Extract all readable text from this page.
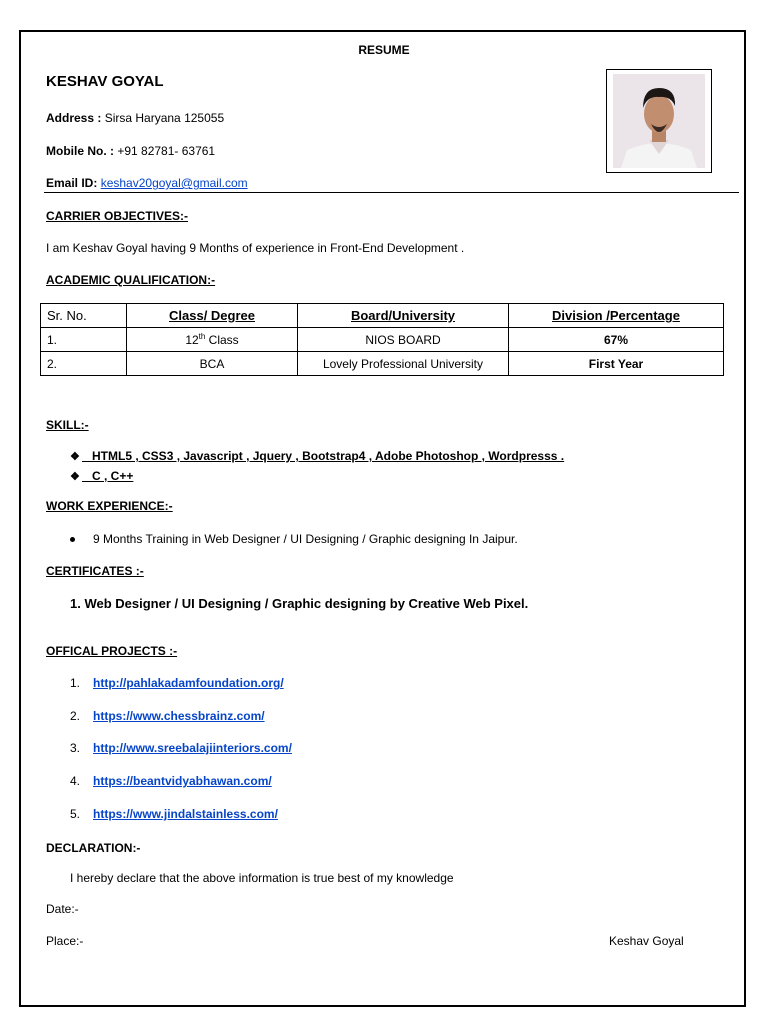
RESUME
KESHAV GOYAL
Address : Sirsa Haryana 125055
Mobile No. : +91 82781- 63761
Email ID: keshav20goyal@gmail.com
CARRIER OBJECTIVES:-
I am Keshav Goyal having 9 Months of experience in Front-End Development .
ACADEMIC QUALIFICATION:-
Sr. No.	Class/ Degree	Board/University	Division /Percentage
1.	12th Class	NIOS BOARD	67%
2.	BCA	Lovely Professional University	First Year
SKILL:-
❖ HTML5 , CSS3 , Javascript , Jquery , Bootstrap4 , Adobe Photoshop , Wordpresss .
❖ C , C++
WORK EXPERIENCE:-
9 Months Training in Web Designer / UI Designing / Graphic designing In Jaipur.
CERTIFICATES :-
1. Web Designer / UI Designing / Graphic designing by Creative Web Pixel.
OFFICAL PROJECTS :-
1. http://pahlakadamfoundation.org/
2. https://www.chessbrainz.com/
3. http://www.sreebalajiinteriors.com/
4. https://beantvidyabhawan.com/
5. https://www.jindalstainless.com/
DECLARATION:-
I hereby declare that the above information is true best of my knowledge
Date:-
Place:-	Keshav Goyal
